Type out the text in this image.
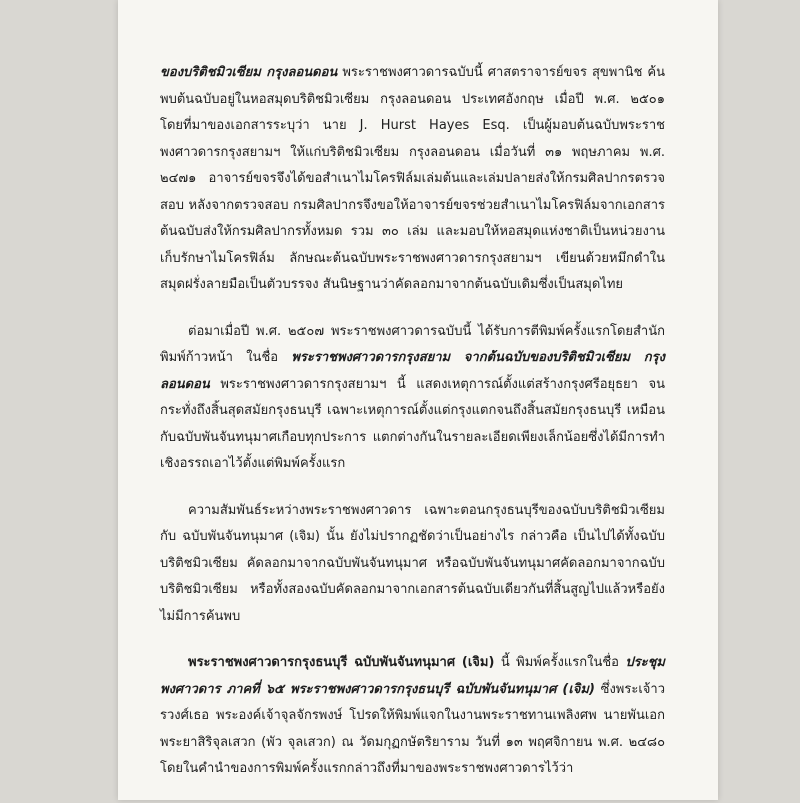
ของบริติชมิวเซียม กรุงลอนดอน พระราชพงศาวดารฉบับนี้ ศาสตราจารย์ขจร สุขพานิช ค้นพบต้นฉบับอยู่ในหอสมุดบริติชมิวเซียม กรุงลอนดอน ประเทศอังกฤษ เมื่อปี พ.ศ. ๒๕๐๑ โดยที่มาของเอกสารระบุว่า นาย J. Hurst Hayes Esq. เป็นผู้มอบต้นฉบับพระราชพงศาวดารกรุงสยามฯ ให้แก่บริติชมิวเซียม กรุงลอนดอน เมื่อวันที่ ๓๑ พฤษภาคม พ.ศ. ๒๔๗๑ อาจารย์ขจรจึงได้ขอสำเนาไมโครฟิล์มเล่มต้นและเล่มปลายส่งให้กรมศิลปากรตรวจสอบ หลังจากตรวจสอบ กรมศิลปากรจึงขอให้อาจารย์ขจรช่วยสำเนาไมโครฟิล์มจากเอกสารต้นฉบับส่งให้กรมศิลปากรทั้งหมด รวม ๓๐ เล่ม และมอบให้หอสมุดแห่งชาติเป็นหน่วยงานเก็บรักษาไมโครฟิล์ม ลักษณะต้นฉบับพระราชพงศาวดารกรุงสยามฯ เขียนด้วยหมึกดำในสมุดฝรั่งลายมือเป็นตัวบรรจง สันนิษฐานว่าคัดลอกมาจากต้นฉบับเดิมซึ่งเป็นสมุดไทย

ต่อมาเมื่อปี พ.ศ. ๒๕๐๗ พระราชพงศาวดารฉบับนี้ ได้รับการตีพิมพ์ครั้งแรกโดยสำนักพิมพ์ก้าวหน้า ในชื่อ พระราชพงศาวดารกรุงสยาม จากต้นฉบับของบริติชมิวเซียม กรุงลอนดอน พระราชพงศาวดารกรุงสยามฯ นี้ แสดงเหตุการณ์ตั้งแต่สร้างกรุงศรีอยุธยา จนกระทั่งถึงสิ้นสุดสมัยกรุงธนบุรี เฉพาะเหตุการณ์ตั้งแต่กรุงแตกจนถึงสิ้นสมัยกรุงธนบุรี เหมือนกับฉบับพันจันทนุมาศเกือบทุกประการ แตกต่างกันในรายละเอียดเพียงเล็กน้อยซึ่งได้มีการทำเชิงอรรถเอาไว้ตั้งแต่พิมพ์ครั้งแรก

ความสัมพันธ์ระหว่างพระราชพงศาวดาร เฉพาะตอนกรุงธนบุรีของฉบับบริติชมิวเซียม กับ ฉบับพันจันทนุมาศ (เจิม) นั้น ยังไม่ปรากฏชัดว่าเป็นอย่างไร กล่าวคือ เป็นไปได้ทั้งฉบับบริติชมิวเซียม คัดลอกมาจากฉบับพันจันทนุมาศ หรือฉบับพันจันทนุมาศคัดลอกมาจากฉบับบริติชมิวเซียม หรือทั้งสองฉบับคัดลอกมาจากเอกสารต้นฉบับเดียวกันที่สิ้นสูญไปแล้วหรือยังไม่มีการค้นพบ

พระราชพงศาวดารกรุงธนบุรี ฉบับพันจันทนุมาศ (เจิม) นี้ พิมพ์ครั้งแรกในชื่อ ประชุมพงศาวดาร ภาคที่ ๖๕ พระราชพงศาวดารกรุงธนบุรี ฉบับพันจันทนุมาศ (เจิม) ซึ่งพระเจ้าวรวงศ์เธอ พระองค์เจ้าจุลจักรพงษ์ โปรดให้พิมพ์แจกในงานพระราชทานเพลิงศพ นายพันเอก พระยาสิริจุลเสวก (พัว จุลเสวก) ณ วัดมกุฏกษัตริยาราม วันที่ ๑๓ พฤศจิกายน พ.ศ. ๒๔๘๐ โดยในคำนำของการพิมพ์ครั้งแรกกล่าวถึงที่มาของพระราชพงศาวดารไว้ว่า
